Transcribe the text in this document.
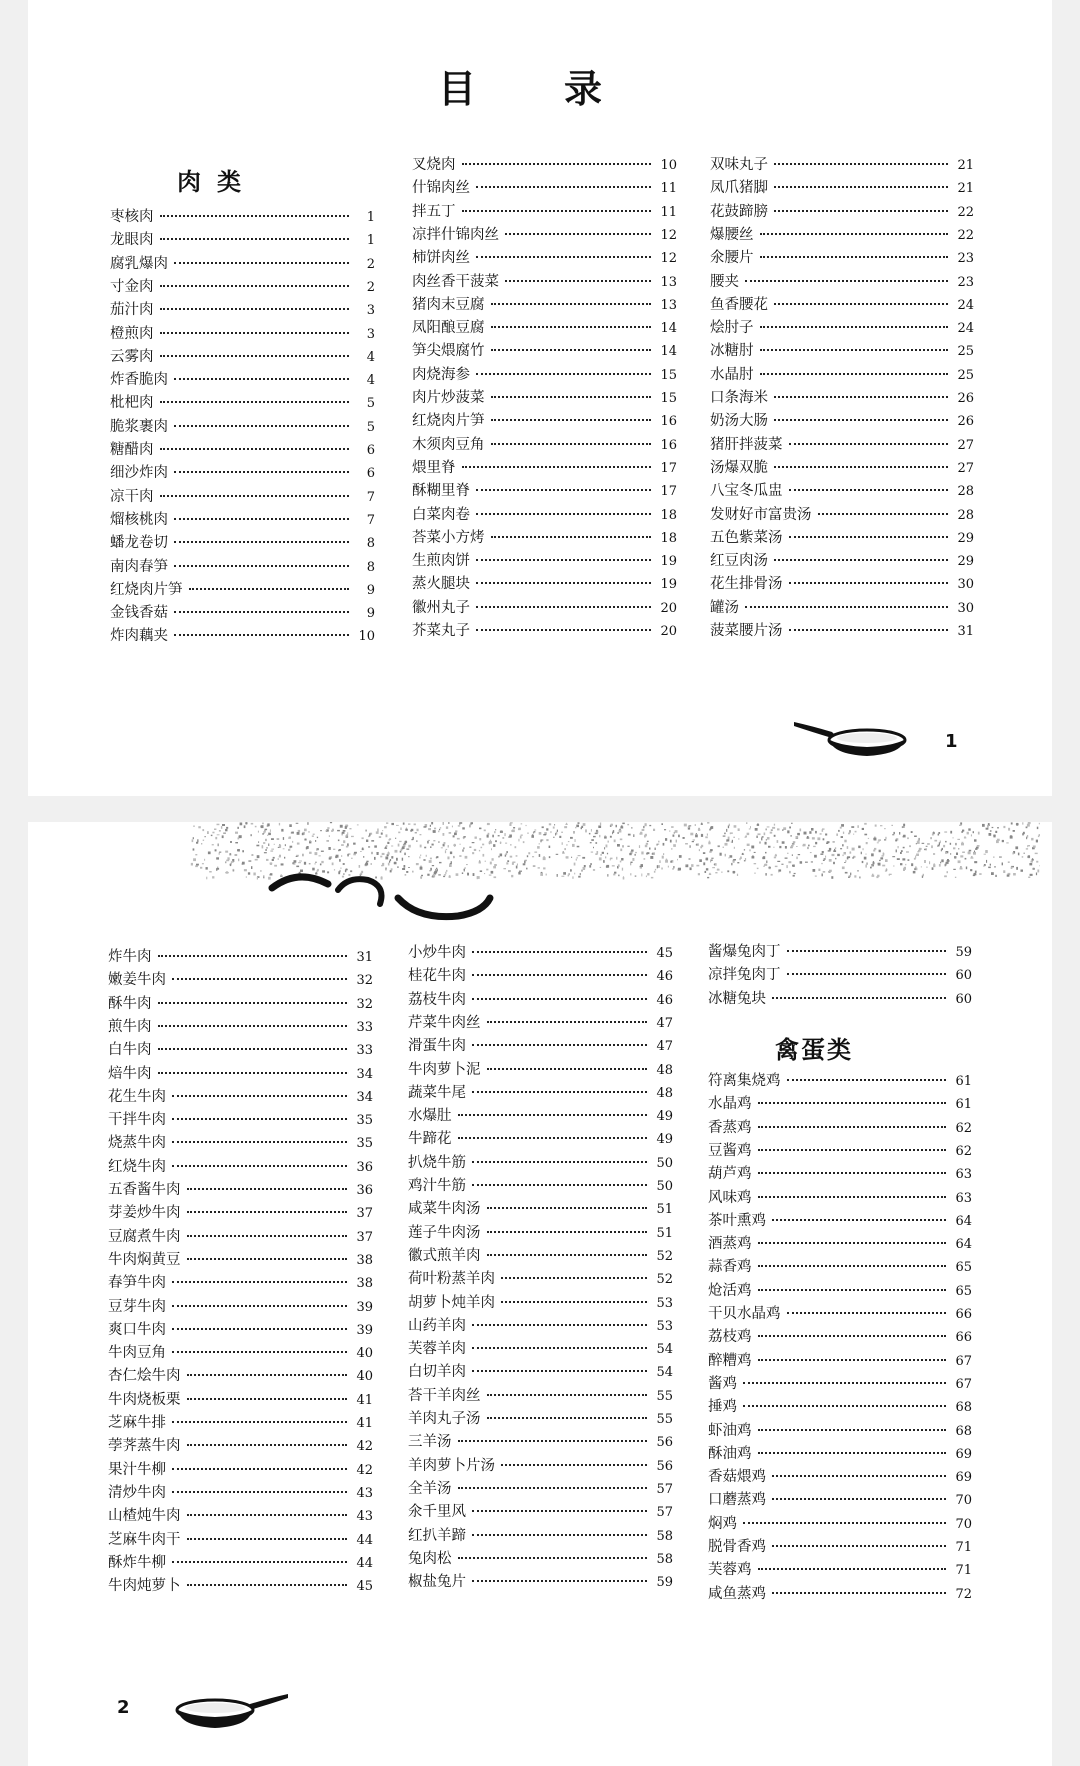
目录
肉类
禽蛋类
枣核肉	1
龙眼肉	1
腐乳爆肉	2
寸金肉	2
茄汁肉	3
橙煎肉	3
云雾肉	4
炸香脆肉	4
枇杷肉	5
脆浆裹肉	5
糖醋肉	6
细沙炸肉	6
凉干肉	7
熘核桃肉	7
蟠龙卷切	8
南肉春笋	8
红烧肉片笋	9
金钱香菇	9
炸肉藕夹	10
叉烧肉	10
什锦肉丝	11
拌五丁	11
凉拌什锦肉丝	12
柿饼肉丝	12
肉丝香干菠菜	13
猪肉末豆腐	13
凤阳酿豆腐	14
笋尖煨腐竹	14
肉烧海参	15
肉片炒菠菜	15
红烧肉片笋	16
木须肉豆角	16
煨里脊	17
酥糊里脊	17
白菜肉卷	18
荅菜小方烤	18
生煎肉饼	19
蒸火腿块	19
徽州丸子	20
芥菜丸子	20
双味丸子	21
凤爪猪脚	21
花鼓蹄膀	22
爆腰丝	22
氽腰片	23
腰夹	23
鱼香腰花	24
烩肘子	24
冰糖肘	25
水晶肘	25
口条海米	26
奶汤大肠	26
猪肝拌菠菜	27
汤爆双脆	27
八宝冬瓜盅	28
发财好市富贵汤	28
五色紫菜汤	29
红豆肉汤	29
花生排骨汤	30
罐汤	30
菠菜腰片汤	31
炸牛肉	31
嫩姜牛肉	32
酥牛肉	32
煎牛肉	33
白牛肉	33
焙牛肉	34
花生牛肉	34
干拌牛肉	35
烧蒸牛肉	35
红烧牛肉	36
五香酱牛肉	36
芽姜炒牛肉	37
豆腐煮牛肉	37
牛肉焖黄豆	38
春笋牛肉	38
豆芽牛肉	39
爽口牛肉	39
牛肉豆角	40
杏仁烩牛肉	40
牛肉烧板栗	41
芝麻牛排	41
荸荠蒸牛肉	42
果汁牛柳	42
清炒牛肉	43
山楂炖牛肉	43
芝麻牛肉干	44
酥炸牛柳	44
牛肉炖萝卜	45
小炒牛肉	45
桂花牛肉	46
荔枝牛肉	46
芹菜牛肉丝	47
滑蛋牛肉	47
牛肉萝卜泥	48
蔬菜牛尾	48
水爆肚	49
牛蹄花	49
扒烧牛筋	50
鸡汁牛筋	50
咸菜牛肉汤	51
莲子牛肉汤	51
徽式煎羊肉	52
荷叶粉蒸羊肉	52
胡萝卜炖羊肉	53
山药羊肉	53
芙蓉羊肉	54
白切羊肉	54
荅干羊肉丝	55
羊肉丸子汤	55
三羊汤	56
羊肉萝卜片汤	56
全羊汤	57
氽千里风	57
红扒羊蹄	58
兔肉松	58
椒盐兔片	59
酱爆兔肉丁	59
凉拌兔肉丁	60
冰糖兔块	60
符离集烧鸡	61
水晶鸡	61
香蒸鸡	62
豆酱鸡	62
葫芦鸡	63
风味鸡	63
茶叶熏鸡	64
酒蒸鸡	64
蒜香鸡	65
炝活鸡	65
干贝水晶鸡	66
荔枝鸡	66
醉糟鸡	67
酱鸡	67
捶鸡	68
虾油鸡	68
酥油鸡	69
香菇煨鸡	69
口蘑蒸鸡	70
焖鸡	70
脱骨香鸡	71
芙蓉鸡	71
咸鱼蒸鸡	72
1
2
